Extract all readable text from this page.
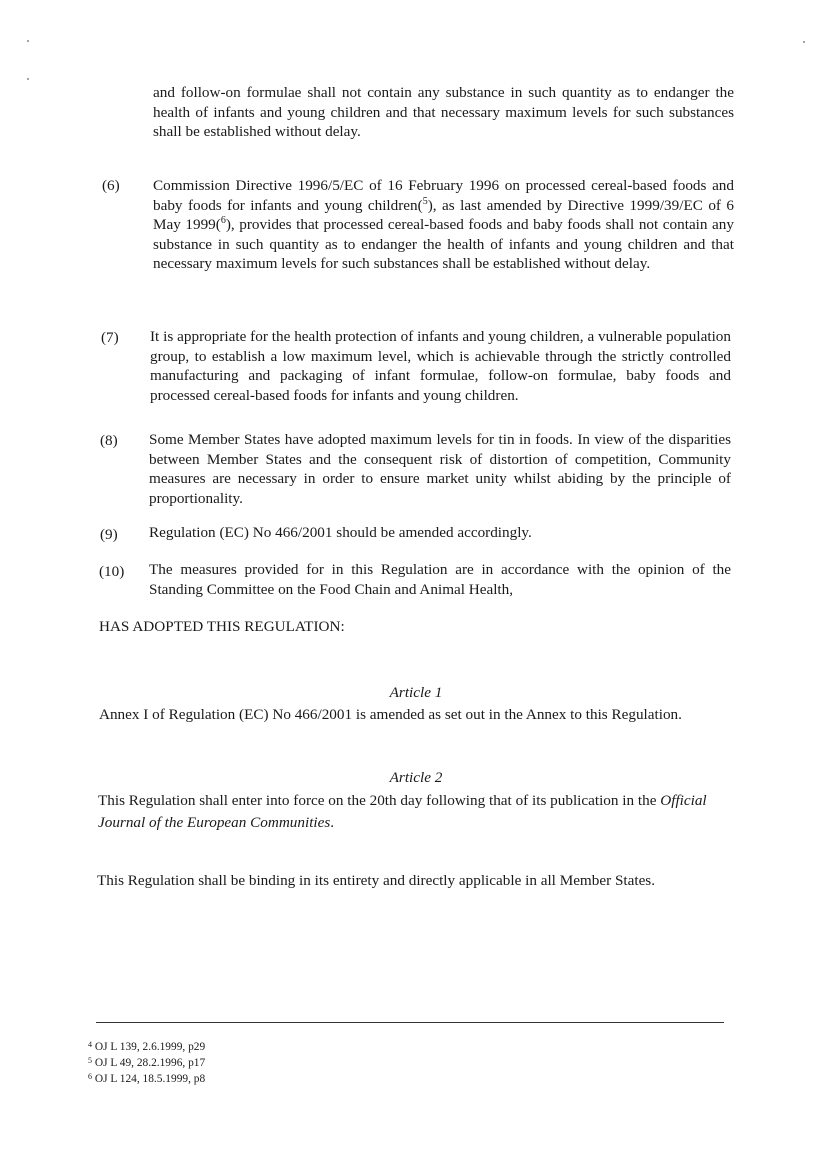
and follow-on formulae shall not contain any substance in such quantity as to endanger the health of infants and young children and that necessary maximum levels for such substances shall be established without delay.

(6) Commission Directive 1996/5/EC of 16 February 1996 on processed cereal-based foods and baby foods for infants and young children($^5$), as last amended by Directive 1999/39/EC of 6 May 1999($^6$), provides that processed cereal-based foods and baby foods shall not contain any substance in such quantity as to endanger the health of infants and young children and that necessary maximum levels for such substances shall be established without delay.

(7) It is appropriate for the health protection of infants and young children, a vulnerable population group, to establish a low maximum level, which is achievable through the strictly controlled manufacturing and packaging of infant formulae, follow-on formulae, baby foods and processed cereal-based foods for infants and young children.

(8) Some Member States have adopted maximum levels for tin in foods. In view of the disparities between Member States and the consequent risk of distortion of competition, Community measures are necessary in order to ensure market unity whilst abiding by the principle of proportionality.

(9) Regulation (EC) No 466/2001 should be amended accordingly.

(10) The measures provided for in this Regulation are in accordance with the opinion of the Standing Committee on the Food Chain and Animal Health,

HAS ADOPTED THIS REGULATION:

Article 1

Annex I of Regulation (EC) No 466/2001 is amended as set out in the Annex to this Regulation.

Article 2

This Regulation shall enter into force on the 20th day following that of its publication in the Official Journal of the European Communities.

This Regulation shall be binding in its entirety and directly applicable in all Member States.

$^4$ OJ L 139, 2.6.1999, p29
$^5$ OJ L 49, 28.2.1996, p17
$^6$ OJ L 124, 18.5.1999, p8
